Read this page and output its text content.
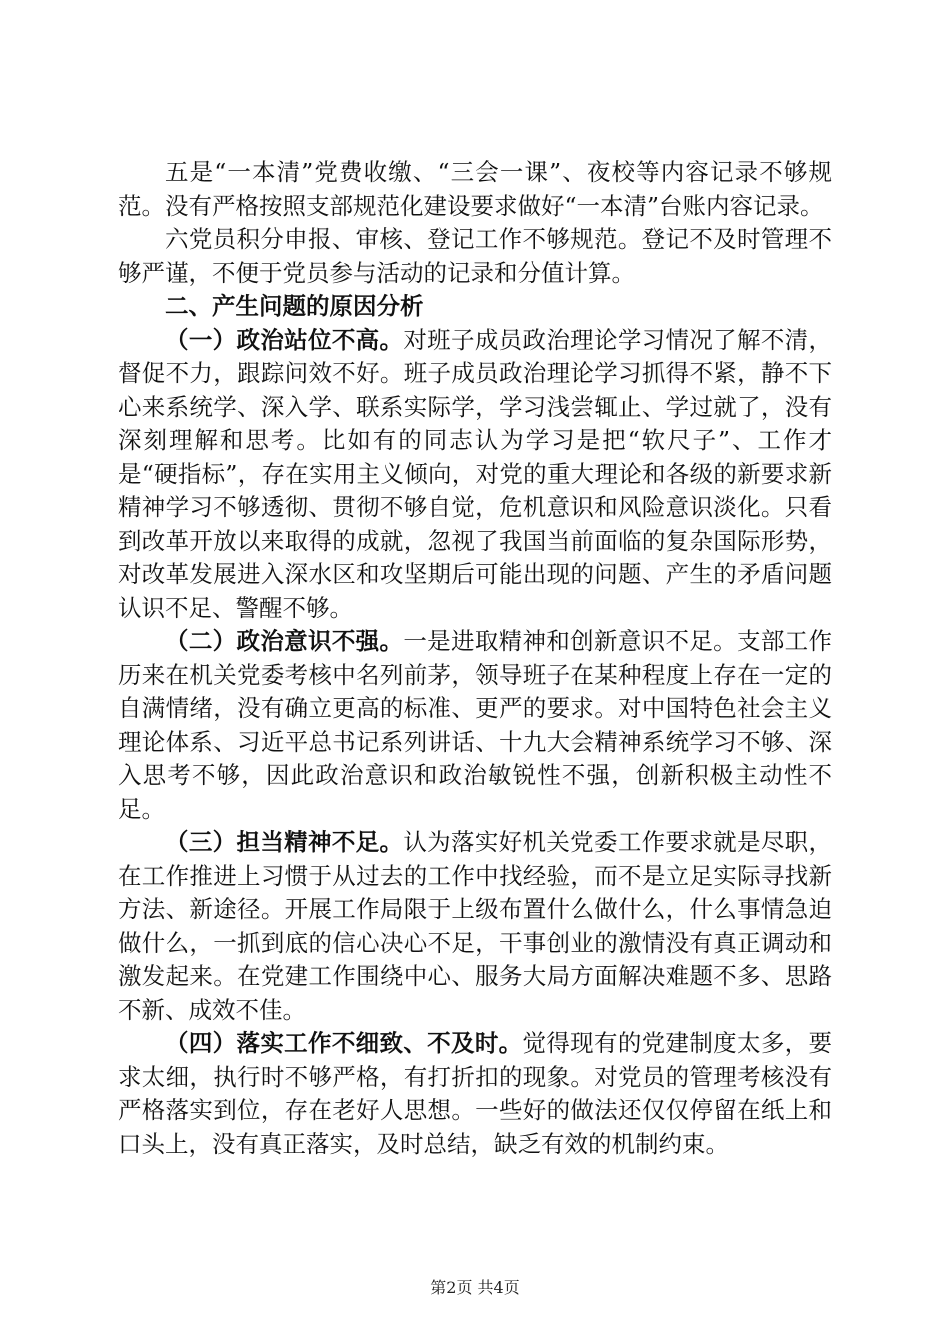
五是“一本清”党费收缴、“三会一课”、夜校等内容记录不够规范。没有严格按照支部规范化建设要求做好“一本清”台账内容记录。

六党员积分申报、审核、登记工作不够规范。登记不及时管理不够严谨，不便于党员参与活动的记录和分值计算。

二、产生问题的原因分析

（一）政治站位不高。对班子成员政治理论学习情况了解不清，督促不力，跟踪问效不好。班子成员政治理论学习抓得不紧，静不下心来系统学、深入学、联系实际学，学习浅尝辄止、学过就了，没有深刻理解和思考。比如有的同志认为学习是把“软尺子”、工作才是“硬指标”，存在实用主义倾向，对党的重大理论和各级的新要求新精神学习不够透彻、贯彻不够自觉，危机意识和风险意识淡化。只看到改革开放以来取得的成就，忽视了我国当前面临的复杂国际形势，对改革发展进入深水区和攻坚期后可能出现的问题、产生的矛盾问题认识不足、警醒不够。

（二）政治意识不强。一是进取精神和创新意识不足。支部工作历来在机关党委考核中名列前茅，领导班子在某种程度上存在一定的自满情绪，没有确立更高的标准、更严的要求。对中国特色社会主义理论体系、习近平总书记系列讲话、十九大会精神系统学习不够、深入思考不够，因此政治意识和政治敏锐性不强，创新积极主动性不足。

（三）担当精神不足。认为落实好机关党委工作要求就是尽职，在工作推进上习惯于从过去的工作中找经验，而不是立足实际寻找新方法、新途径。开展工作局限于上级布置什么做什么，什么事情急迫做什么，一抓到底的信心决心不足，干事创业的激情没有真正调动和激发起来。在党建工作围绕中心、服务大局方面解决难题不多、思路不新、成效不佳。

（四）落实工作不细致、不及时。觉得现有的党建制度太多，要求太细，执行时不够严格，有打折扣的现象。对党员的管理考核没有严格落实到位，存在老好人思想。一些好的做法还仅仅停留在纸上和口头上，没有真正落实，及时总结，缺乏有效的机制约束。

第2页 共4页
